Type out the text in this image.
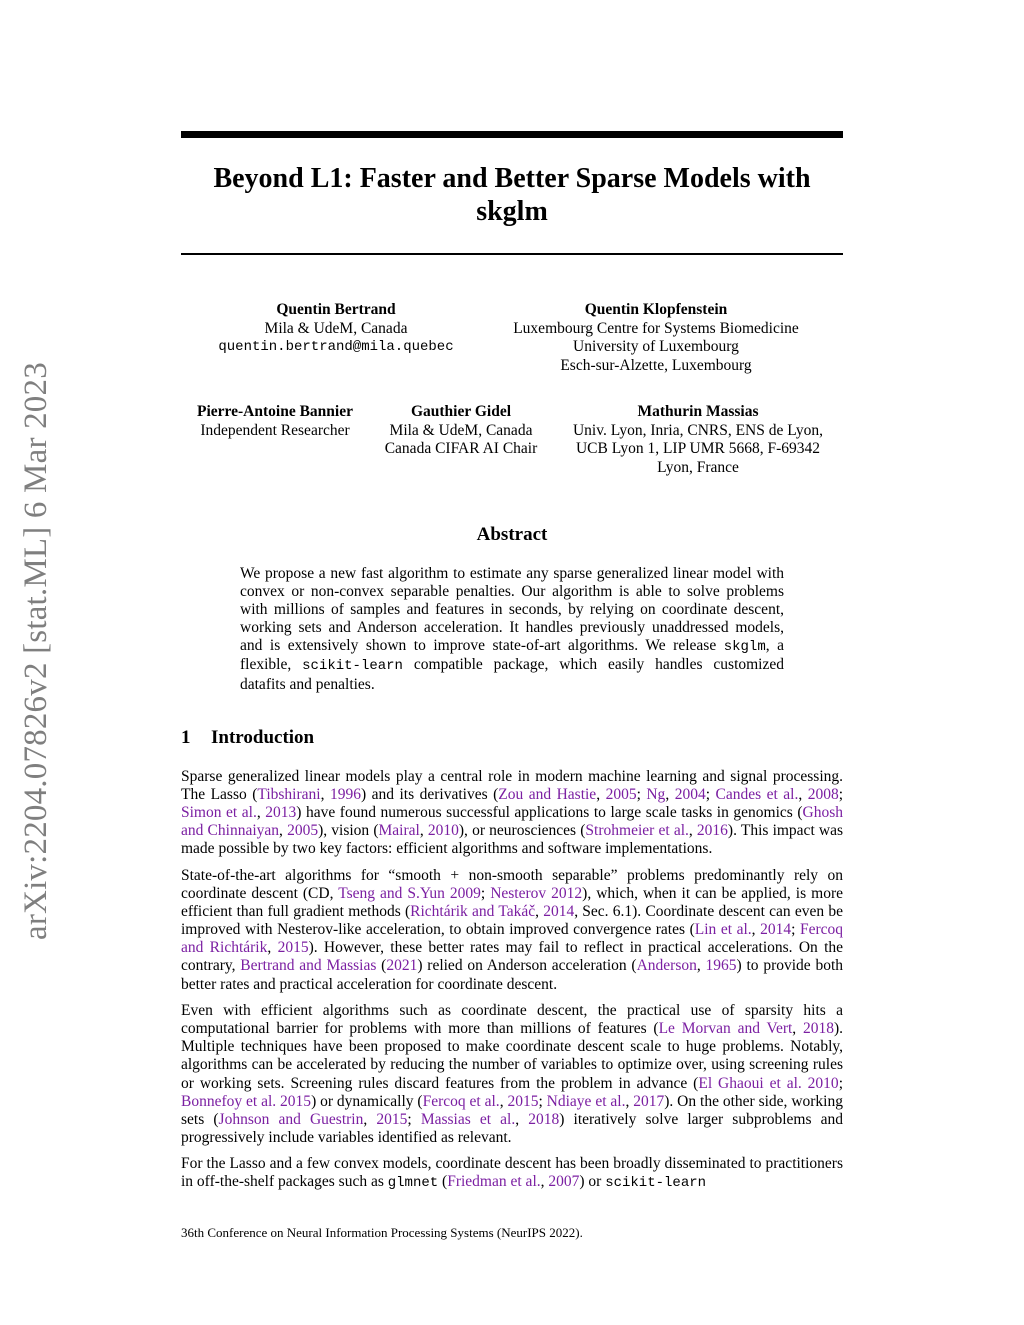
arXiv:2204.07826v2 [stat.ML] 6 Mar 2023
Beyond L1: Faster and Better Sparse Models with
skglm
Quentin Bertrand
Mila & UdeM, Canada
quentin.bertrand@mila.quebec
Quentin Klopfenstein
Luxembourg Centre for Systems Biomedicine
University of Luxembourg
Esch-sur-Alzette, Luxembourg
Pierre-Antoine Bannier
Independent Researcher
Gauthier Gidel
Mila & UdeM, Canada
Canada CIFAR AI Chair
Mathurin Massias
Univ. Lyon, Inria, CNRS, ENS de Lyon,
UCB Lyon 1, LIP UMR 5668, F-69342
Lyon, France
Abstract
We propose a new fast algorithm to estimate any sparse generalized linear model with convex or non-convex separable penalties. Our algorithm is able to solve problems with millions of samples and features in seconds, by relying on coordinate descent, working sets and Anderson acceleration. It handles previously unaddressed models, and is extensively shown to improve state-of-art algorithms. We release skglm, a flexible, scikit-learn compatible package, which easily handles customized datafits and penalties.
1 Introduction

Sparse generalized linear models play a central role in modern machine learning and signal processing. The Lasso (Tibshirani, 1996) and its derivatives (Zou and Hastie, 2005; Ng, 2004; Candes et al., 2008; Simon et al., 2013) have found numerous successful applications to large scale tasks in genomics (Ghosh and Chinnaiyan, 2005), vision (Mairal, 2010), or neurosciences (Strohmeier et al., 2016). This impact was made possible by two key factors: efficient algorithms and software implementations.

State-of-the-art algorithms for “smooth + non-smooth separable” problems predominantly rely on coordinate descent (CD, Tseng and S.Yun 2009; Nesterov 2012), which, when it can be applied, is more efficient than full gradient methods (Richtárik and Takáč, 2014, Sec. 6.1). Coordinate descent can even be improved with Nesterov-like acceleration, to obtain improved convergence rates (Lin et al., 2014; Fercoq and Richtárik, 2015). However, these better rates may fail to reflect in practical accelerations. On the contrary, Bertrand and Massias (2021) relied on Anderson acceleration (Anderson, 1965) to provide both better rates and practical acceleration for coordinate descent.

Even with efficient algorithms such as coordinate descent, the practical use of sparsity hits a computational barrier for problems with more than millions of features (Le Morvan and Vert, 2018). Multiple techniques have been proposed to make coordinate descent scale to huge problems. Notably, algorithms can be accelerated by reducing the number of variables to optimize over, using screening rules or working sets. Screening rules discard features from the problem in advance (El Ghaoui et al. 2010; Bonnefoy et al. 2015) or dynamically (Fercoq et al., 2015; Ndiaye et al., 2017). On the other side, working sets (Johnson and Guestrin, 2015; Massias et al., 2018) iteratively solve larger subproblems and progressively include variables identified as relevant.

For the Lasso and a few convex models, coordinate descent has been broadly disseminated to practitioners in off-the-shelf packages such as glmnet (Friedman et al., 2007) or scikit-learn

36th Conference on Neural Information Processing Systems (NeurIPS 2022).
